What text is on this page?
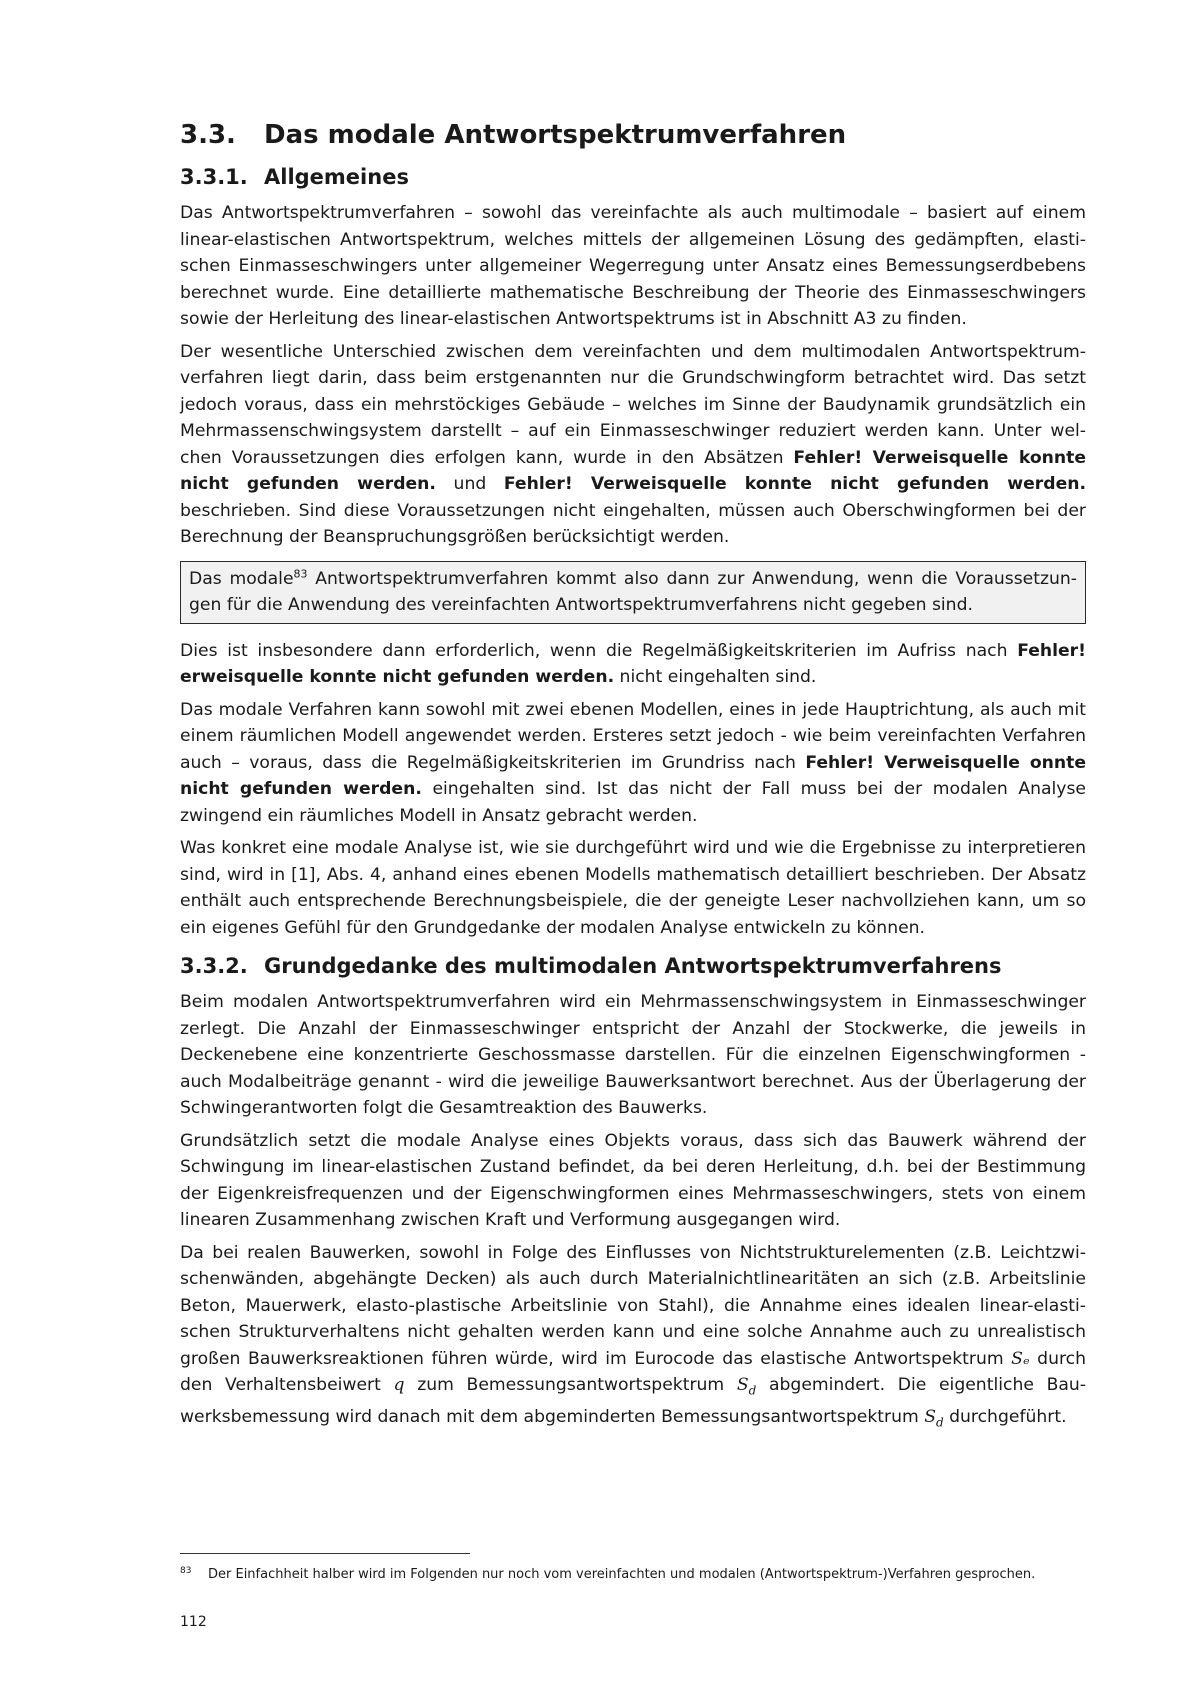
3.3.	Das modale Antwortspektrumverfahren
3.3.1. Allgemeines

Das Antwortspektrumverfahren – sowohl das vereinfachte als auch multimodale – basiert auf einem linear-elastischen Antwortspektrum, welches mittels der allgemeinen Lösung des gedämpften, elastischen Einmasseschwingers unter allgemeiner Wegerregung unter Ansatz eines Bemessungserdbebens berechnet wurde. Eine detaillierte mathematische Beschreibung der Theorie des Einmasseschwingers sowie der Herleitung des linear-elastischen Antwortspektrums ist in Abschnitt A3 zu finden.

Der wesentliche Unterschied zwischen dem vereinfachten und dem multimodalen Antwortspektrumverfahren liegt darin, dass beim erstgenannten nur die Grundschwingform betrachtet wird. Das setzt jedoch voraus, dass ein mehrstöckiges Gebäude – welches im Sinne der Baudynamik grundsätzlich ein Mehrmassenschwingsystem darstellt – auf ein Einmasseschwinger reduziert werden kann. Unter welchen Voraussetzungen dies erfolgen kann, wurde in den Absätzen Fehler! Verweisquelle konnte nicht gefunden werden. und Fehler! Verweisquelle konnte nicht gefunden werden. beschrieben. Sind diese Voraussetzungen nicht eingehalten, müssen auch Oberschwingformen bei der Berechnung der Beanspruchungsgrößen berücksichtigt werden.

Das modale$^{83}$ Antwortspektrumverfahren kommt also dann zur Anwendung, wenn die Voraussetzungen für die Anwendung des vereinfachten Antwortspektrumverfahrens nicht gegeben sind.

Dies ist insbesondere dann erforderlich, wenn die Regelmäßigkeitskriterien im Aufriss nach Fehler! erweisquelle konnte nicht gefunden werden. nicht eingehalten sind.

Das modale Verfahren kann sowohl mit zwei ebenen Modellen, eines in jede Hauptrichtung, als auch mit einem räumlichen Modell angewendet werden. Ersteres setzt jedoch - wie beim vereinfachten Verfahren auch – voraus, dass die Regelmäßigkeitskriterien im Grundriss nach Fehler! Verweisquelle onnte nicht gefunden werden. eingehalten sind. Ist das nicht der Fall muss bei der modalen Analyse zwingend ein räumliches Modell in Ansatz gebracht werden.

Was konkret eine modale Analyse ist, wie sie durchgeführt wird und wie die Ergebnisse zu interpretieren sind, wird in [1], Abs. 4, anhand eines ebenen Modells mathematisch detailliert beschrieben. Der Absatz enthält auch entsprechende Berechnungsbeispiele, die der geneigte Leser nachvollziehen kann, um so ein eigenes Gefühl für den Grundgedanke der modalen Analyse entwickeln zu können.

3.3.2. Grundgedanke des multimodalen Antwortspektrumverfahrens

Beim modalen Antwortspektrumverfahren wird ein Mehrmassenschwingsystem in Einmasseschwinger zerlegt. Die Anzahl der Einmasseschwinger entspricht der Anzahl der Stockwerke, die jeweils in Deckenebene eine konzentrierte Geschossmasse darstellen. Für die einzelnen Eigenschwingformen - auch Modalbeiträge genannt - wird die jeweilige Bauwerksantwort berechnet. Aus der Überlagerung der Schwingerantworten folgt die Gesamtreaktion des Bauwerks.

Grundsätzlich setzt die modale Analyse eines Objekts voraus, dass sich das Bauwerk während der Schwingung im linear-elastischen Zustand befindet, da bei deren Herleitung, d.h. bei der Bestimmung der Eigenkreisfrequenzen und der Eigenschwingformen eines Mehrmasseschwingers, stets von einem linearen Zusammenhang zwischen Kraft und Verformung ausgegangen wird.

Da bei realen Bauwerken, sowohl in Folge des Einflusses von Nichtstrukturelementen (z.B. Leichtzwischenwänden, abgehängte Decken) als auch durch Materialnichtlinearitäten an sich (z.B. Arbeitslinie Beton, Mauerwerk, elasto-plastische Arbeitslinie von Stahl), die Annahme eines idealen linear-elastischen Strukturverhaltens nicht gehalten werden kann und eine solche Annahme auch zu unrealistisch großen Bauwerksreaktionen führen würde, wird im Eurocode das elastische Antwortspektrum Sₑ durch den Verhaltensbeiwert q zum Bemessungsantwortspektrum $S_d$ abgemindert. Die eigentliche Bauwerksbemessung wird danach mit dem abgeminderten Bemessungsantwortspektrum $S_d$ durchgeführt.

83	Der Einfachheit halber wird im Folgenden nur noch vom vereinfachten und modalen (Antwortspektrum-)Verfahren gesprochen.
112
